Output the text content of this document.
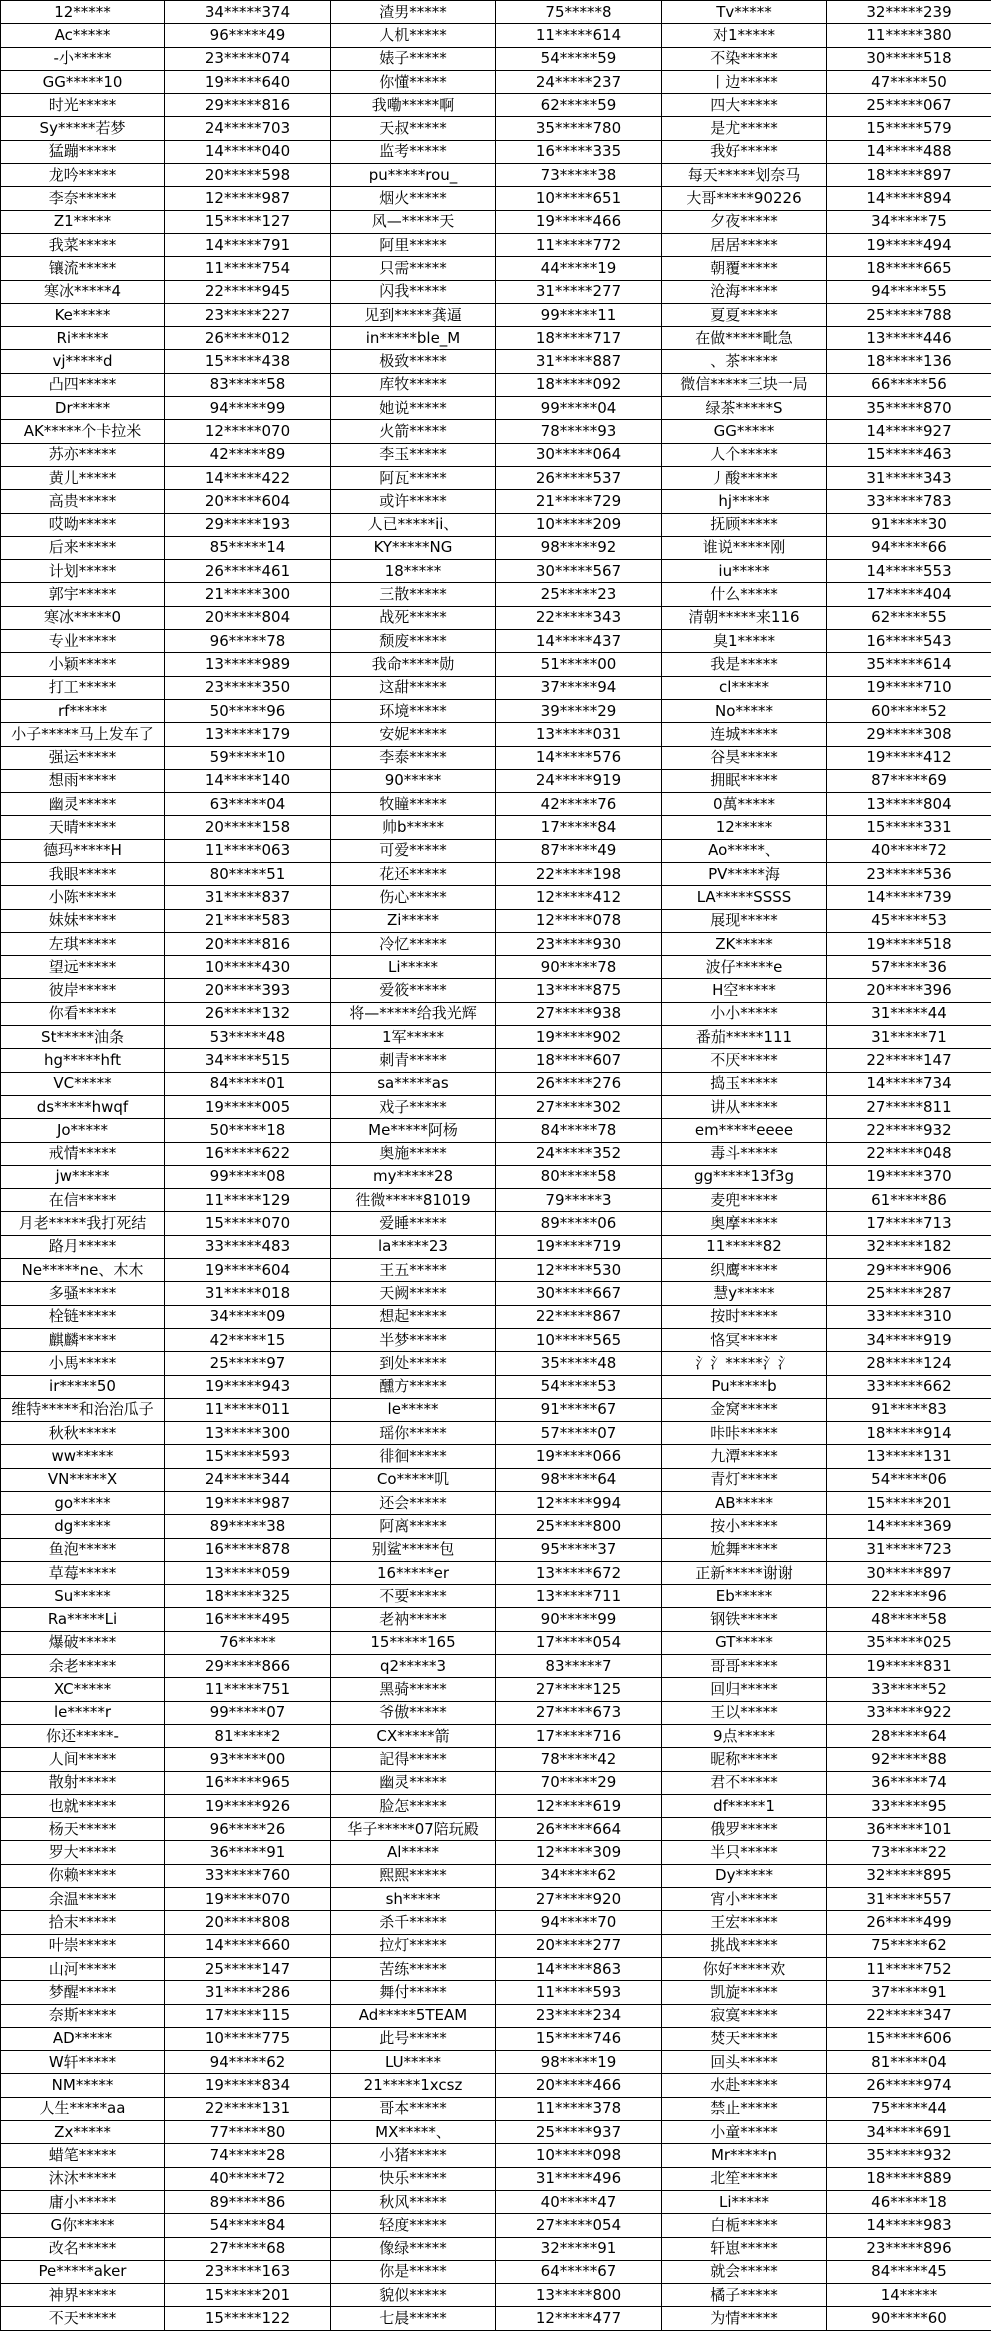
12*****	34*****374	渣男*****	75*****8	Tv*****	32*****239
Ac*****	96*****49	人机*****	11*****614	对1*****	11*****380
-小*****	23*****074	婊子*****	54*****59	不染*****	30*****518
GG*****10	19*****640	你懂*****	24*****237	丨边*****	47*****50
时光*****	29*****816	我嘞*****啊	62*****59	四大*****	25*****067
Sy*****若梦	24*****703	天叔*****	35*****780	是尤*****	15*****579
猛蹦*****	14*****040	监考*****	16*****335	我好*****	14*****488
龙吟*****	20*****598	pu*****rou_	73*****38	每天*****划奈马	18*****897
李奈*****	12*****987	烟火*****	10*****651	大哥*****90226	14*****894
Z1*****	15*****127	风—*****天	19*****466	夕夜*****	34*****75
我菜*****	14*****791	阿里*****	11*****772	居居*****	19*****494
镶流*****	11*****754	只需*****	44*****19	朝覆*****	18*****665
寒冰*****4	22*****945	闪我*****	31*****277	沧海*****	94*****55
Ke*****	23*****227	见到*****龚逼	99*****11	夏夏*****	25*****788
Ri*****	26*****012	in*****ble_M	18*****717	在做*****毗急	13*****446
vj*****d	15*****438	极致*****	31*****887	、茶*****	18*****136
凸四*****	83*****58	库牧*****	18*****092	微信*****三块一局	66*****56
Dr*****	94*****99	她说*****	99*****04	绿茶*****S	35*****870
AK*****个卡拉米	12*****070	火箭*****	78*****93	GG*****	14*****927
苏亦*****	42*****89	李玉*****	30*****064	人个*****	15*****463
黄儿*****	14*****422	阿瓦*****	26*****537	丿酸*****	31*****343
高贵*****	20*****604	或许*****	21*****729	hj*****	33*****783
哎呦*****	29*****193	人已*****ii、	10*****209	抚顾*****	91*****30
后来*****	85*****14	KY*****NG	98*****92	谁说*****刚	94*****66
计划*****	26*****461	18*****	30*****567	iu*****	14*****553
郭宇*****	21*****300	三散*****	25*****23	什么*****	17*****404
寒冰*****0	20*****804	战死*****	22*****343	清朝*****来116	62*****55
专业*****	96*****78	颓废*****	14*****437	臭1*****	16*****543
小颖*****	13*****989	我命*****勋	51*****00	我是*****	35*****614
打工*****	23*****350	这甜*****	37*****94	cl*****	19*****710
rf*****	50*****96	环境*****	39*****29	No*****	60*****52
小子*****马上发车了	13*****179	安妮*****	13*****031	连城*****	29*****308
强运*****	59*****10	李泰*****	14*****576	谷昊*****	19*****412
想雨*****	14*****140	90*****	24*****919	拥眠*****	87*****69
幽灵*****	63*****04	牧瞳*****	42*****76	0萬*****	13*****804
天晴*****	20*****158	帅b*****	17*****84	12*****	15*****331
德玛*****H	11*****063	可爱*****	87*****49	Ao*****、	40*****72
我眼*****	80*****51	花还*****	22*****198	PV*****海	23*****536
小陈*****	31*****837	伤心*****	12*****412	LA*****SSSS	14*****739
妹妹*****	21*****583	Zi*****	12*****078	展现*****	45*****53
左琪*****	20*****816	冷忆*****	23*****930	ZK*****	19*****518
望远*****	10*****430	Li*****	90*****78	波仔*****e	57*****36
彼岸*****	20*****393	爱筱*****	13*****875	H空*****	20*****396
你看*****	26*****132	将—*****给我光辉	27*****938	小小*****	31*****44
St*****油条	53*****48	1军*****	19*****902	番茄*****111	31*****71
hg*****hft	34*****515	刺青*****	18*****607	不厌*****	22*****147
VC*****	84*****01	sa*****as	26*****276	捣玉*****	14*****734
ds*****hwqf	19*****005	戏子*****	27*****302	讲从*****	27*****811
Jo*****	50*****18	Me*****阿杨	84*****78	em*****eeee	22*****932
戒情*****	16*****622	奥施*****	24*****352	毒斗*****	22*****048
jw*****	99*****08	my*****28	80*****58	gg*****13f3g	19*****370
在信*****	11*****129	徃微*****81019	79*****3	麦兜*****	61*****86
月老*****我打死结	15*****070	爱睡*****	89*****06	奥摩*****	17*****713
路月*****	33*****483	la*****23	19*****719	11*****82	32*****182
Ne*****ne、木木	19*****604	王五*****	12*****530	织鹰*****	29*****906
多骚*****	31*****018	天阙*****	30*****667	慧y*****	25*****287
栓链*****	34*****09	想起*****	22*****867	按时*****	33*****310
麒麟*****	42*****15	半梦*****	10*****565	恪冥*****	34*****919
小馬*****	25*****97	到处*****	35*****48	氵氵*****氵氵	28*****124
ir*****50	19*****943	醺方*****	54*****53	Pu*****b	33*****662
维特*****和治治瓜子	11*****011	le*****	91*****67	金窝*****	91*****83
秋秋*****	13*****300	瑶你*****	57*****07	咔咔*****	18*****914
ww*****	15*****593	徘徊*****	19*****066	九潭*****	13*****131
VN*****X	24*****344	Co*****叽	98*****64	青灯*****	54*****06
go*****	19*****987	还会*****	12*****994	AB*****	15*****201
dg*****	89*****38	阿离*****	25*****800	按小*****	14*****369
鱼泡*****	16*****878	别鲨*****包	95*****37	尬舞*****	31*****723
草莓*****	13*****059	16*****er	13*****672	正新*****谢谢	30*****897
Su*****	18*****325	不要*****	13*****711	Eb*****	22*****96
Ra*****Li	16*****495	老衲*****	90*****99	钢铁*****	48*****58
爆破*****	76*****	15*****165	17*****054	GT*****	35*****025
余老*****	29*****866	q2*****3	83*****7	哥哥*****	19*****831
XC*****	11*****751	黑骑*****	27*****125	回归*****	33*****52
le*****r	99*****07	爷傲*****	27*****673	王以*****	33*****922
你还*****-	81*****2	CX*****箭	17*****716	9点*****	28*****64
人间*****	93*****00	記得*****	78*****42	昵称*****	92*****88
散射*****	16*****965	幽灵*****	70*****29	君不*****	36*****74
也就*****	19*****926	脸怎*****	12*****619	df*****1	33*****95
杨天*****	96*****26	华子*****07陪玩殿	26*****664	俄罗*****	36*****101
罗大*****	36*****91	Al*****	12*****309	半只*****	73*****22
你赖*****	33*****760	熙熙*****	34*****62	Dy*****	32*****895
余温*****	19*****070	sh*****	27*****920	宵小*****	31*****557
拾末*****	20*****808	杀千*****	94*****70	王宏*****	26*****499
叶崇*****	14*****660	拉灯*****	20*****277	挑战*****	75*****62
山河*****	25*****147	苦练*****	14*****863	你好*****欢	11*****752
梦醒*****	31*****286	舞付*****	11*****593	凯旋*****	37*****91
奈斯*****	17*****115	Ad*****5TEAM	23*****234	寂寞*****	22*****347
AD*****	10*****775	此号*****	15*****746	焚天*****	15*****606
W轩*****	94*****62	LU*****	98*****19	回头*****	81*****04
NM*****	19*****834	21*****1xcsz	20*****466	水赴*****	26*****974
人生*****aa	22*****131	哥本*****	11*****378	禁止*****	75*****44
Zx*****	77*****80	MX*****、	25*****937	小童*****	34*****691
蜡笔*****	74*****28	小猪*****	10*****098	Mr*****n	35*****932
沐沐*****	40*****72	快乐*****	31*****496	北笙*****	18*****889
庸小*****	89*****86	秋风*****	40*****47	Li*****	46*****18
G你*****	54*****84	轻度*****	27*****054	白栀*****	14*****983
改名*****	27*****68	像绿*****	32*****91	轩崽*****	23*****896
Pe*****aker	23*****163	你是*****	64*****67	就会*****	84*****45
神界*****	15*****201	貌似*****	13*****800	橘子*****	14*****
不天*****	15*****122	七晨*****	12*****477	为情*****	90*****60
